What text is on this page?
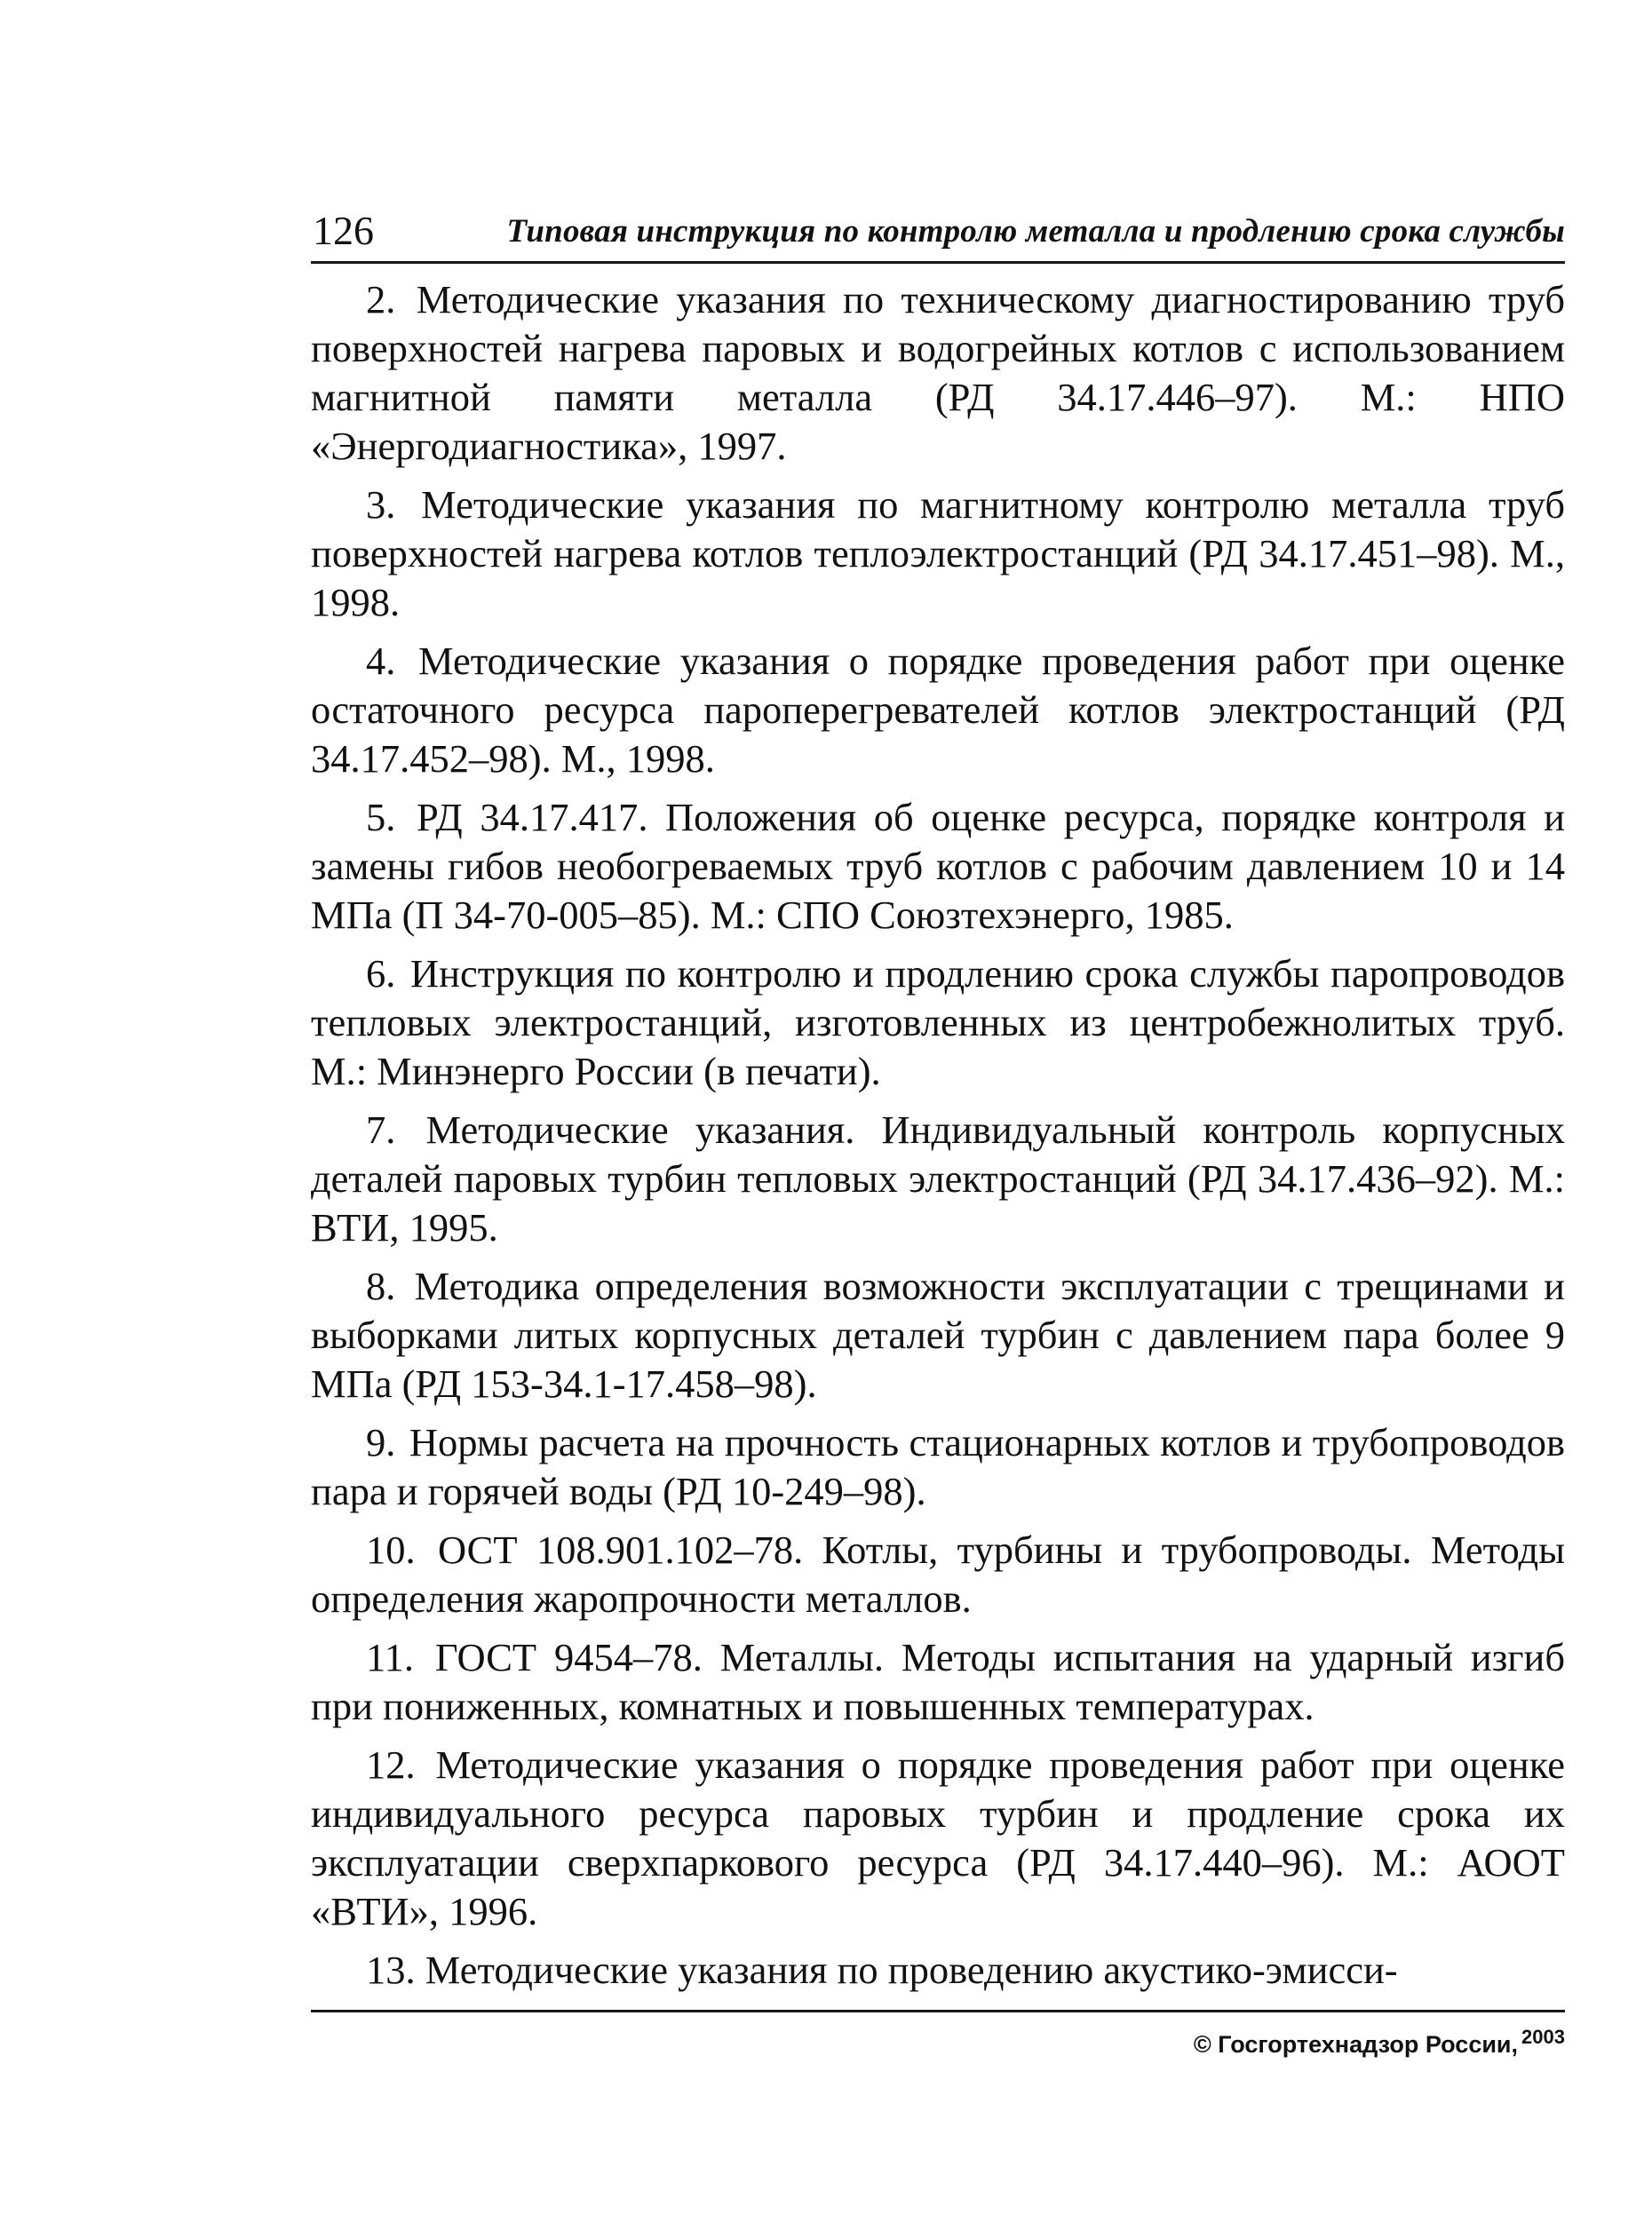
126	Типовая инструкция по контролю металла и продлению срока службы

2. Методические указания по техническому диагностированию труб поверхностей нагрева паровых и водогрейных котлов с использованием магнитной памяти металла (РД 34.17.446–97). М.: НПО «Энергодиагностика», 1997.

3. Методические указания по магнитному контролю металла труб поверхностей нагрева котлов теплоэлектростанций (РД 34.17.451–98). М., 1998.

4. Методические указания о порядке проведения работ при оценке остаточного ресурса пароперегревателей котлов электростанций (РД 34.17.452–98). М., 1998.

5. РД 34.17.417. Положения об оценке ресурса, порядке контроля и замены гибов необогреваемых труб котлов с рабочим давлением 10 и 14 МПа (П 34-70-005–85). М.: СПО Союзтехэнерго, 1985.

6. Инструкция по контролю и продлению срока службы паропроводов тепловых электростанций, изготовленных из центробежнолитых труб. М.: Минэнерго России (в печати).

7. Методические указания. Индивидуальный контроль корпусных деталей паровых турбин тепловых электростанций (РД 34.17.436–92). М.: ВТИ, 1995.

8. Методика определения возможности эксплуатации с трещинами и выборками литых корпусных деталей турбин с давлением пара более 9 МПа (РД 153-34.1-17.458–98).

9. Нормы расчета на прочность стационарных котлов и трубопроводов пара и горячей воды (РД 10-249–98).

10. ОСТ 108.901.102–78. Котлы, турбины и трубопроводы. Методы определения жаропрочности металлов.

11. ГОСТ 9454–78. Металлы. Методы испытания на ударный изгиб при пониженных, комнатных и повышенных температурах.

12. Методические указания о порядке проведения работ при оценке индивидуального ресурса паровых турбин и продление срока их эксплуатации сверхпаркового ресурса (РД 34.17.440–96). М.: АООТ «ВТИ», 1996.

13. Методические указания по проведению акустико-эмисси-

© Госгортехнадзор России, $^{2003}$
